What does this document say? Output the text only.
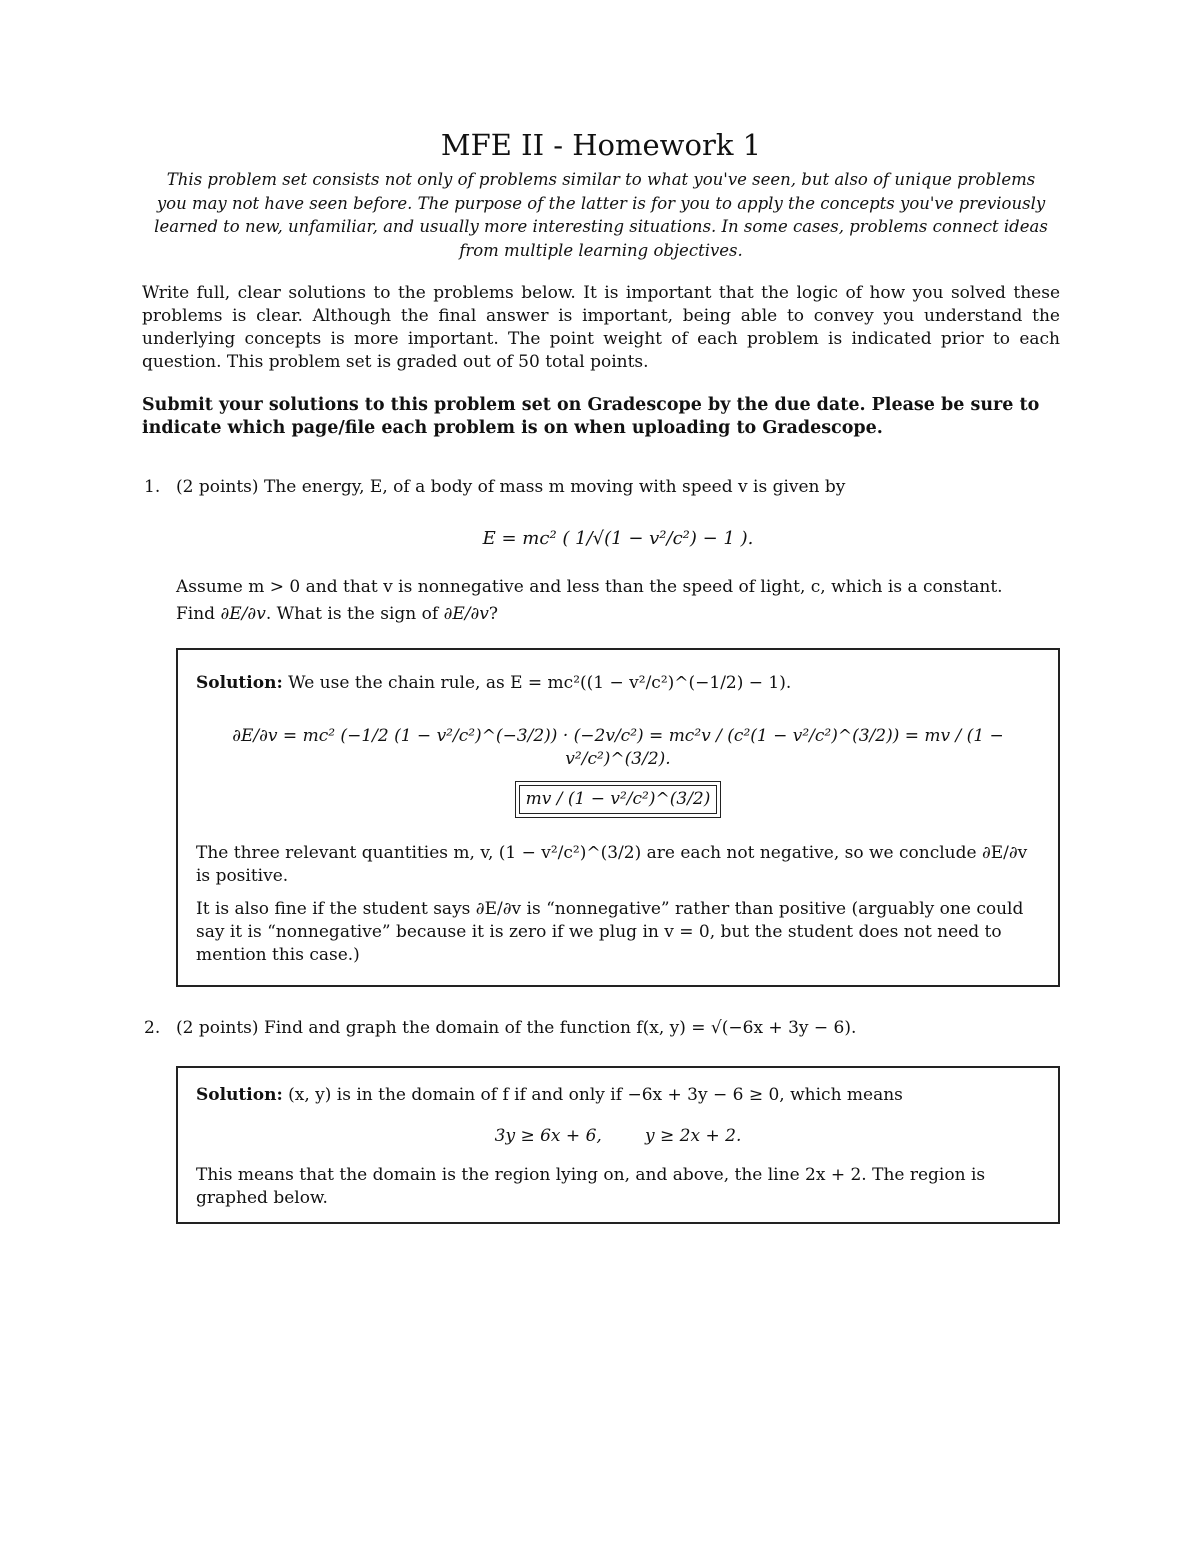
MFE II - Homework 1

This problem set consists not only of problems similar to what you've seen, but also of unique problems you may not have seen before. The purpose of the latter is for you to apply the concepts you've previously learned to new, unfamiliar, and usually more interesting situations. In some cases, problems connect ideas from multiple learning objectives.

Write full, clear solutions to the problems below. It is important that the logic of how you solved these problems is clear. Although the final answer is important, being able to convey you understand the underlying concepts is more important. The point weight of each problem is indicated prior to each question. This problem set is graded out of 50 total points.

Submit your solutions to this problem set on Gradescope by the due date. Please be sure to indicate which page/file each problem is on when uploading to Gradescope.

1. (2 points) The energy, E, of a body of mass m moving with speed v is given by
E = mc² ( 1/√(1 − v²/c²) − 1 ).
Assume m > 0 and that v is nonnegative and less than the speed of light, c, which is a constant.
Find ∂E/∂v. What is the sign of ∂E/∂v?
Solution: We use the chain rule, as E = mc²((1 − v²/c²)^(−1/2) − 1).
∂E/∂v = mc² (−1/2 (1 − v²/c²)^(−3/2)) · (−2v/c²) = mc²v / (c²(1 − v²/c²)^(3/2)) = mv / (1 − v²/c²)^(3/2).
mv / (1 − v²/c²)^(3/2)
The three relevant quantities m, v, (1 − v²/c²)^(3/2) are each not negative, so we conclude ∂E/∂v is positive.
It is also fine if the student says ∂E/∂v is “nonnegative” rather than positive (arguably one could say it is “nonnegative” because it is zero if we plug in v = 0, but the student does not need to mention this case.)
2. (2 points) Find and graph the domain of the function f(x, y) = √(−6x + 3y − 6).
Solution: (x, y) is in the domain of f if and only if −6x + 3y − 6 ≥ 0, which means
3y ≥ 6x + 6,        y ≥ 2x + 2.
This means that the domain is the region lying on, and above, the line 2x + 2. The region is graphed below.
